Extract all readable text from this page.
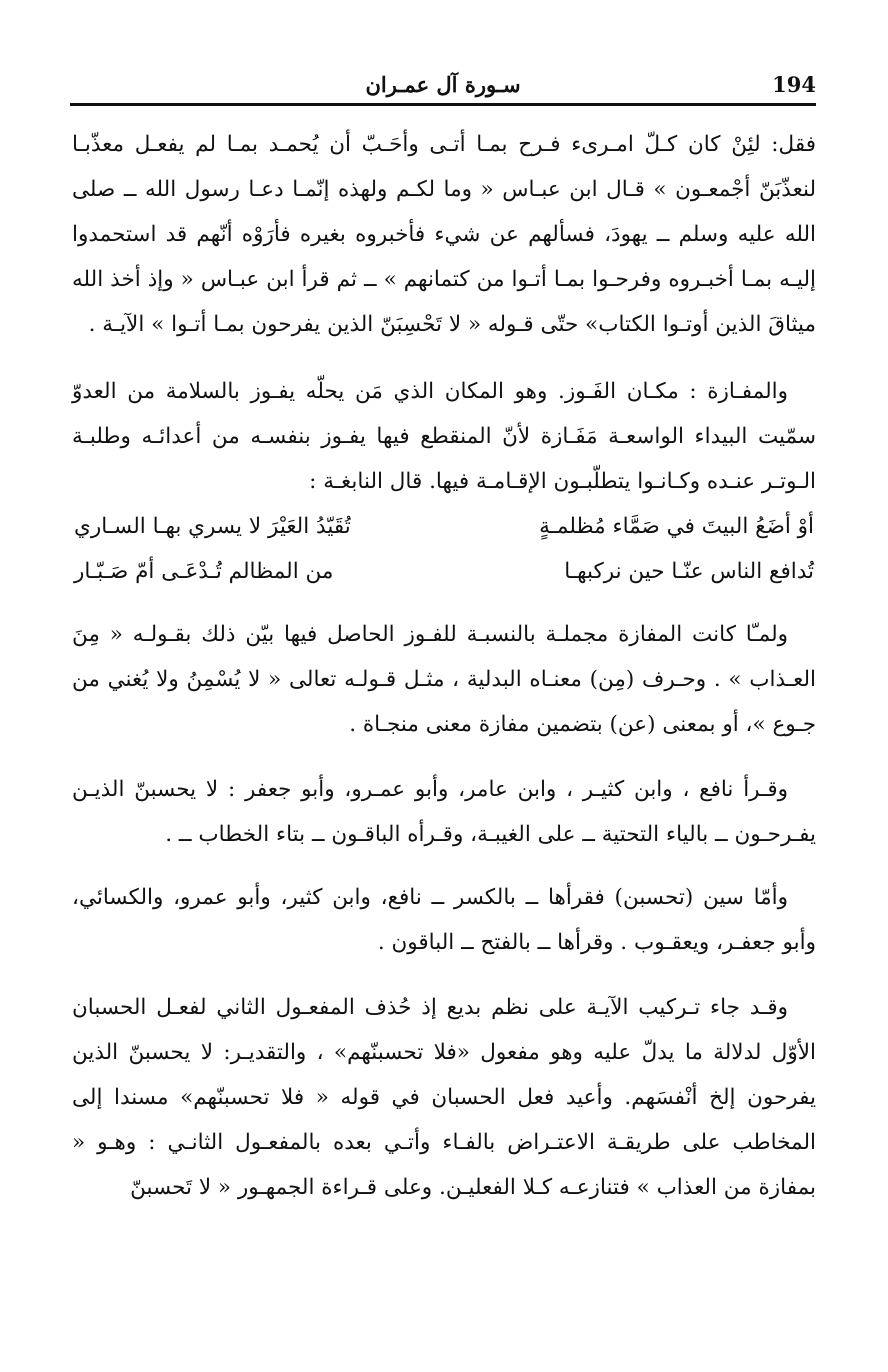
194
سـورة آل عمـران

فقل: لئِنْ كان كـلّ امـرىء فـرح بمـا أتـى وأحَـبّ أن يُحمـد بمـا لم يفعـل معذّبـا لنعذّبَنّ أجْمعـون » قـال ابن عبـاس « وما لكـم ولهذه إنّمـا دعـا رسول الله ــ صلى الله عليه وسلم ــ يهودَ، فسألهم عن شيء فأخبروه بغيره فأرَوْه أنّهم قد استحمدوا إليـه بمـا أخبـروه وفرحـوا بمـا أتـوا من كتمانهم » ــ ثم قرأ ابن عبـاس « وإذ أخذ الله ميثاقَ الذين أوتـوا الكتاب» حتّى قـوله « لا تَحْسِبَنّ الذين يفرحون بمـا أتـوا » الآيـة .

والمفـازة : مكـان الفَـوز. وهو المكان الذي مَن يحلّه يفـوز بالسلامة من العدوّ سمّيت البيداء الواسعـة مَفَـازة لأنّ المنقطع فيها يفـوز بنفسـه من أعدائـه وطلبـة الـوتـر عنـده وكـانـوا يتطلّبـون الإقـامـة فيها. قال النابغـة :

أوْ أضَعُ البيتَ في صَمَّاء مُظلمـةٍ
تُقَيّدُ العَيْرَ لا يسري بهـا السـاري
تُدافع الناس عنّـا حين نركبهـا
من المظالم تُـدْعَـى أمّ صَـبّـار

ولمـّا كانت المفازة مجملـة بالنسبـة للفـوز الحاصل فيها بيّن ذلك بقـولـه « مِنَ العـذاب » . وحـرف (مِن) معنـاه البدلية ، مثـل قـولـه تعالى « لا يُسْمِنُ ولا يُغني من جـوع »، أو بمعنى (عن) بتضمين مفازة معنى منجـاة .

وقـرأ نافع ، وابن كثيـر ، وابن عامر، وأبو عمـرو، وأبو جعفر : لا يحسبنّ الذيـن يفـرحـون ــ بالياء التحتية ــ على الغيبـة، وقـرأه الباقـون ــ بتاء الخطاب ــ .

وأمّا سين (تحسبن) فقرأها ــ بالكسر ــ نافع، وابن كثير، وأبو عمرو، والكسائي، وأبو جعفـر، ويعقـوب . وقرأها ــ بالفتح ــ الباقون .

وقـد جاء تـركيب الآيـة على نظم بديع إذ حُذف المفعـول الثاني لفعـل الحسبان الأوّل لدلالة ما يدلّ عليه وهو مفعول «فلا تحسبنّهم» ، والتقديـر: لا يحسبنّ الذين يفرحون إلخ أنْفسَهم. وأعيد فعل الحسبان في قوله « فلا تحسبنّهم» مسندا إلى المخاطب على طريقـة الاعتـراض بالفـاء وأتـي بعده بالمفعـول الثانـي : وهـو « بمفازة من العذاب » فتنازعـه كـلا الفعليـن. وعلى قـراءة الجمهـور « لا تَحسبنّ
